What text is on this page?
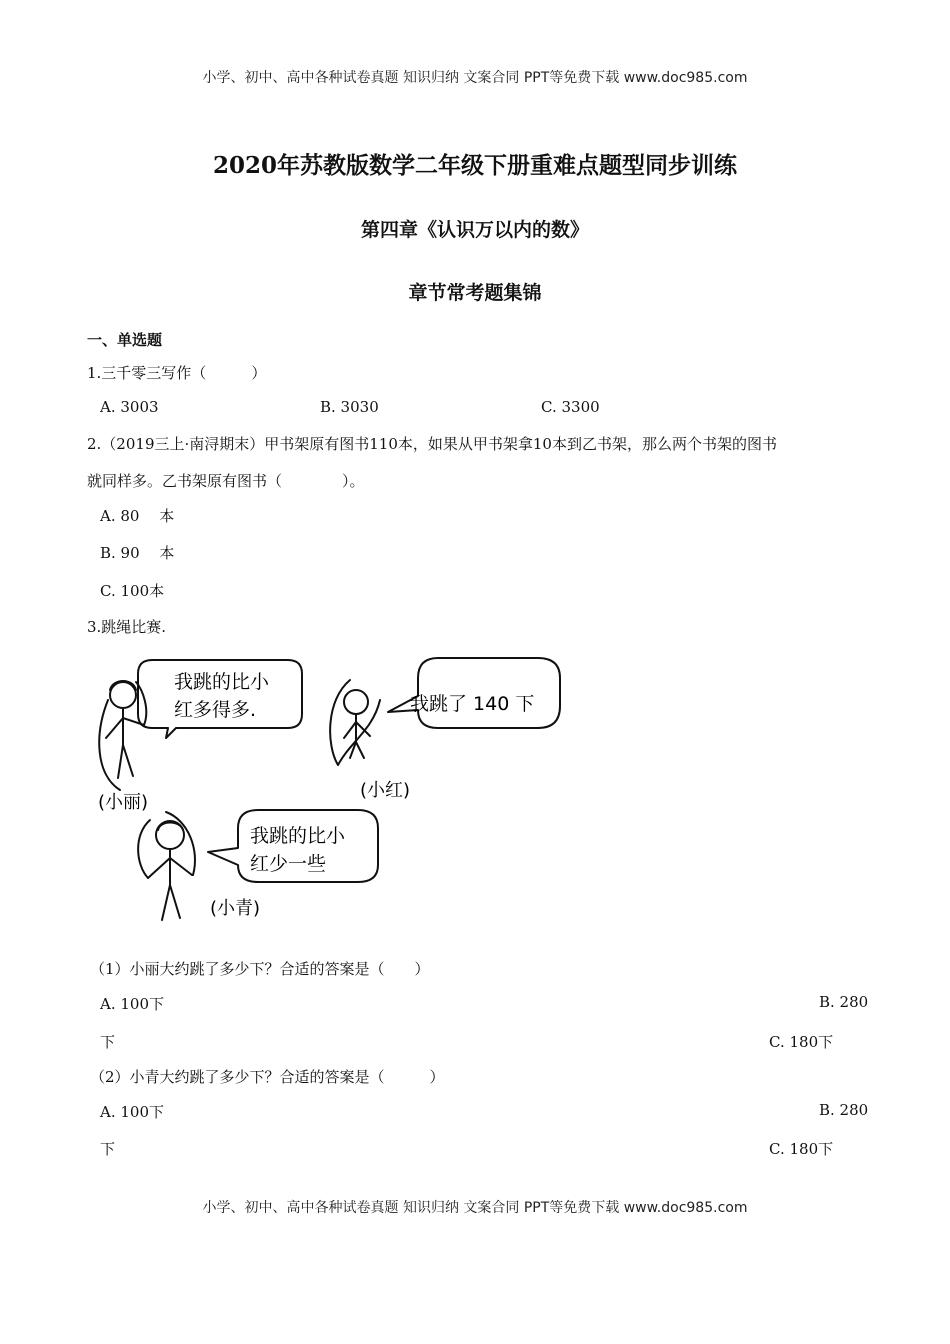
小学、初中、高中各种试卷真题 知识归纳 文案合同 PPT等免费下载 www.doc985.com
小学、初中、高中各种试卷真题 知识归纳 文案合同 PPT等免费下载 www.doc985.com
2020年苏教版数学二年级下册重难点题型同步训练
第四章《认识万以内的数》
章节常考题集锦
一、单选题
1.三千零三写作（　　　）
A. 3003	B. 3030	C. 3300
2.（2019三上·南浔期末）甲书架原有图书110本，如果从甲书架拿10本到乙书架，那么两个书架的图书
就同样多。乙书架原有图书（　　　　）。
A. 80　 本
B. 90　 本
C. 100本
3.跳绳比赛.
我跳的比小
红多得多.	我跳了 140 下
我跳的比小
红少一些
(小丽)
(小红)
(小青)
（1）小丽大约跳了多少下？合适的答案是（　　）
A. 100下	B. 280
下	C. 180下
（2）小青大约跳了多少下？合适的答案是（　　　）
A. 100下	B. 280
下	C. 180下
